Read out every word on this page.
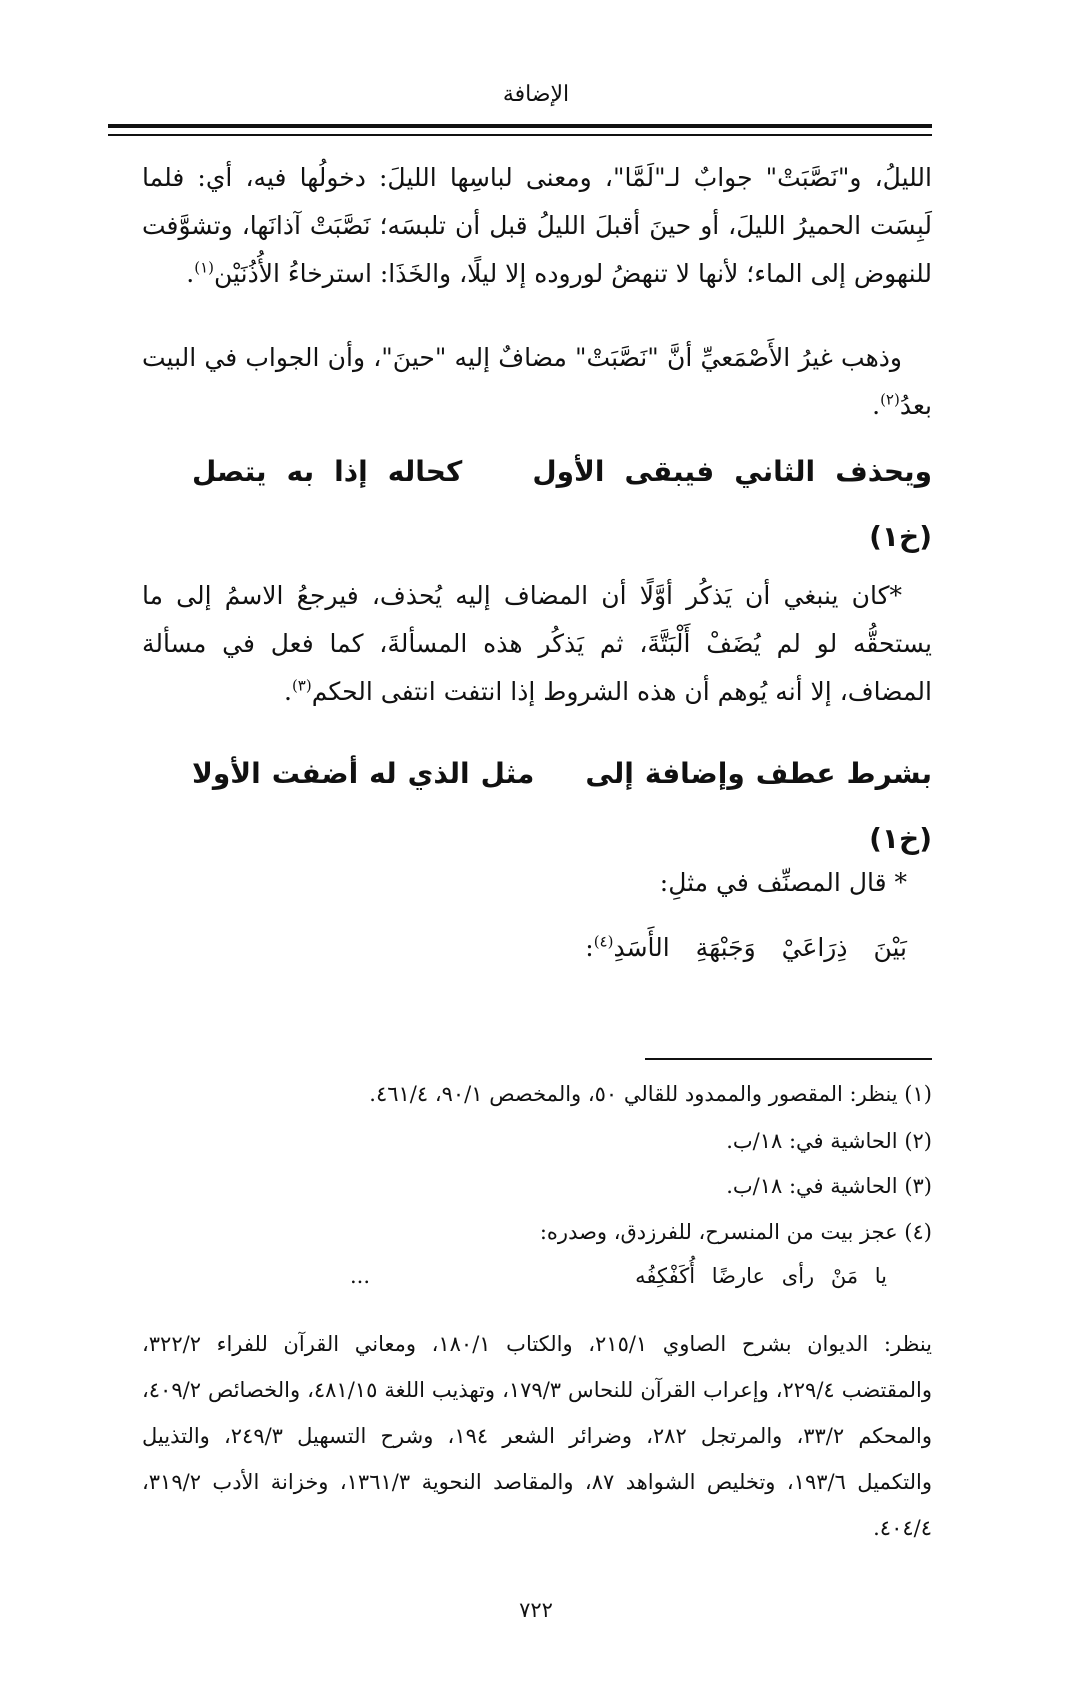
الإضافة

الليلُ، و"نَصَّبَتْ" جوابٌ لـ"لَمَّا"، ومعنى لباسِها الليلَ: دخولُها فيه، أي: فلما لَبِسَت الحميرُ الليلَ، أو حينَ أقبلَ الليلُ قبل أن تلبسَه؛ نَصَّبَتْ آذانَها، وتشوَّفت للنهوض إلى الماء؛ لأنها لا تنهضُ لوروده إلا ليلًا، والخَذَا: استرخاءُ الأُذُنَيْن$^{(١)}$.

وذهب غيرُ الأَصْمَعيِّ أنَّ "نَصَّبَتْ" مضافٌ إليه "حينَ"، وأن الجواب في البيت بعدُ$^{(٢)}$.

ويحذف
الثاني
فيبقى
الأول
كحاله
إذا
به
يتصل
(خ١)

*كان ينبغي أن يَذكُر أوَّلًا أن المضاف إليه يُحذف، فيرجعُ الاسمُ إلى ما يستحقُّه لو لم يُضَفْ أَلْبَتَّةَ، ثم يَذكُر هذه المسألةَ، كما فعل في مسألة المضاف، إلا أنه يُوهم أن هذه الشروط إذا انتفت انتفى الحكم$^{(٣)}$.

بشرط
عطف
وإضافة
إلى
مثل
الذي
له
أضفت
الأولا
(خ١)
* قال المصنِّف في مثلِ:
بَيْنَ ذِرَاعَيْ وَجَبْهَةِ الأَسَدِ$^{(٤)}$:
(١) ينظر: المقصور والممدود للقالي ٥٠، والمخصص ٩٠/١، ٤٦١/٤.
(٢) الحاشية في: ١٨/ب.
(٣) الحاشية في: ١٨/ب.
(٤) عجز بيت من المنسرح، للفرزدق، وصدره:
يا مَنْ رأى عارضًا أُكَفْكِفُه
...

ينظر: الديوان بشرح الصاوي ٢١٥/١، والكتاب ١٨٠/١، ومعاني القرآن للفراء ٣٢٢/٢، والمقتضب ٢٢٩/٤، وإعراب القرآن للنحاس ١٧٩/٣، وتهذيب اللغة ٤٨١/١٥، والخصائص ٤٠٩/٢، والمحكم ٣٣/٢، والمرتجل ٢٨٢، وضرائر الشعر ١٩٤، وشرح التسهيل ٢٤٩/٣، والتذييل والتكميل ١٩٣/٦، وتخليص الشواهد ٨٧، والمقاصد النحوية ١٣٦١/٣، وخزانة الأدب ٣١٩/٢، ٤٠٤/٤.

٧٢٢
